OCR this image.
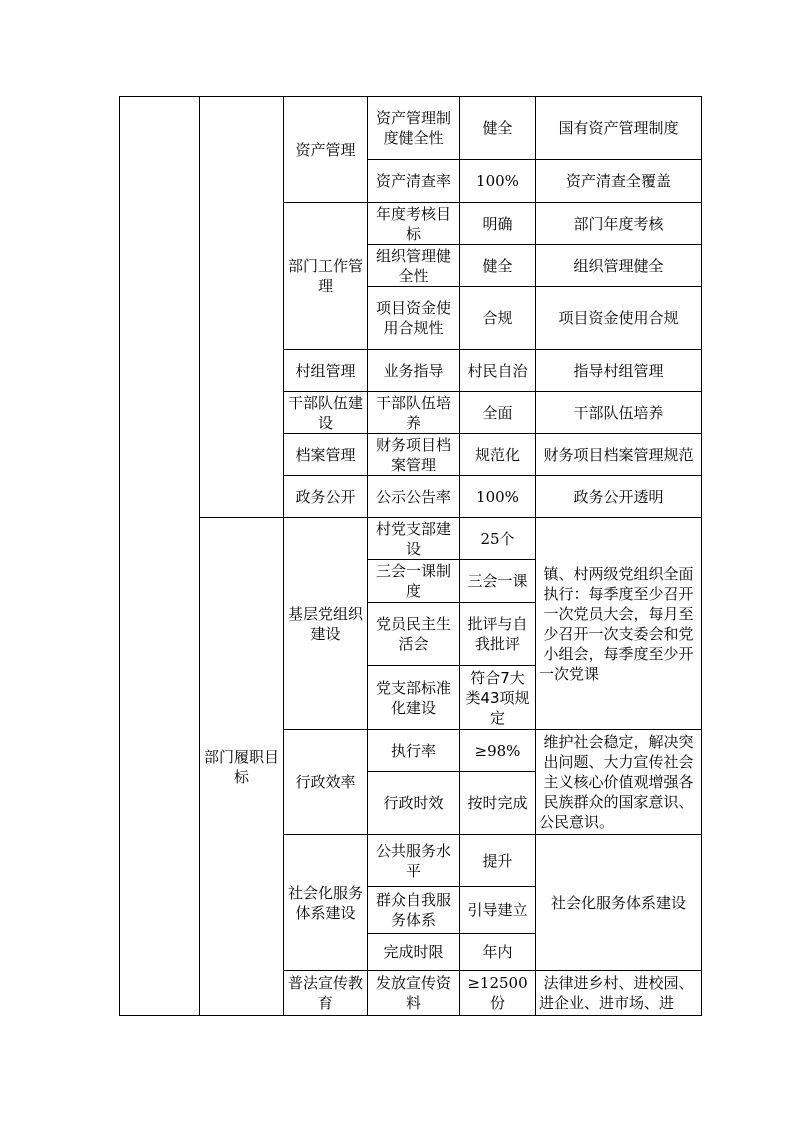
		资产管理	资产管理制度健全性	健全	国有资产管理制度
			资产清查率	100%	资产清查全覆盖
		部门工作管理	年度考核目标	明确	部门年度考核
			组织管理健全性	健全	组织管理健全
			项目资金使用合规性	合规	项目资金使用合规
		村组管理	业务指导	村民自治	指导村组管理
		干部队伍建设	干部队伍培养	全面	干部队伍培养
		档案管理	财务项目档案管理	规范化	财务项目档案管理规范
		政务公开	公示公告率	100%	政务公开透明
	部门履职目标	基层党组织建设	村党支部建设	25个	镇、村两级党组织全面执行：每季度至少召开一次党员大会，每月至少召开一次支委会和党小组会，每季度至少开一次党课
			三会一课制度	三会一课	
			党员民主生活会	批评与自我批评	
			党支部标准化建设	符合7大类43项规定	
		行政效率	执行率	≥98%	维护社会稳定，解决突出问题、大力宣传社会主义核心价值观增强各民族群众的国家意识、公民意识。
			行政时效	按时完成	
		社会化服务体系建设	公共服务水平	提升	社会化服务体系建设
			群众自我服务体系	引导建立	
			完成时限	年内	
		普法宣传教育	发放宣传资料	≥12500份	法律进乡村、进校园、进企业、进市场、进
